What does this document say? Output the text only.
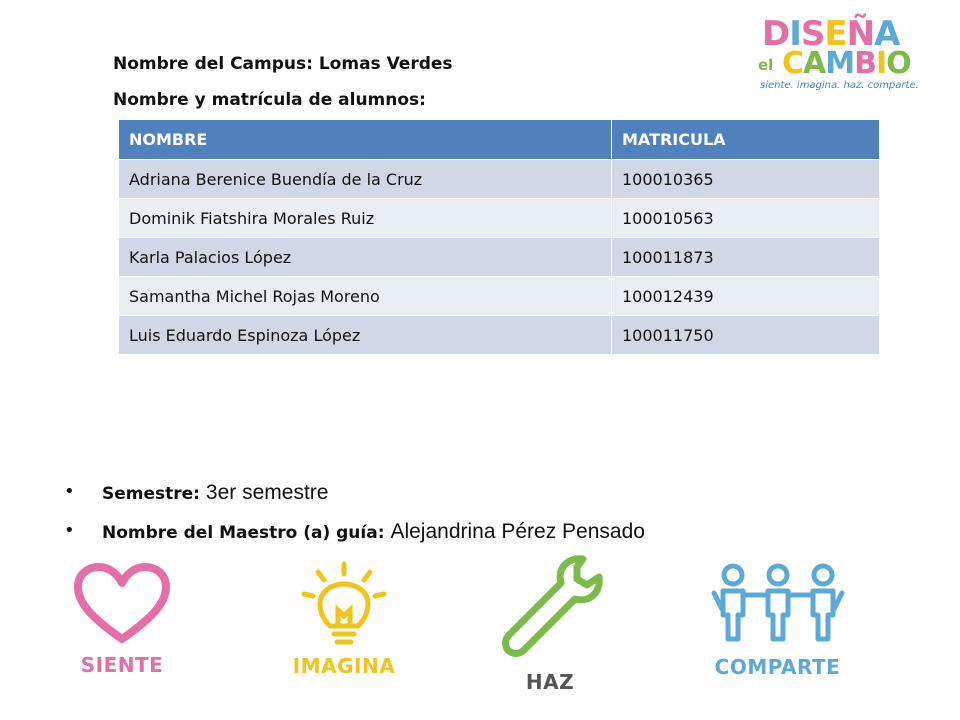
Nombre del Campus: Lomas Verdes
Nombre y matrícula de alumnos:
NOMBRE	MATRICULA
Adriana Berenice Buendía de la Cruz	100010365
Dominik Fiatshira Morales Ruiz	100010563
Karla Palacios López	100011873
Samantha Michel Rojas Moreno	100012439
Luis Eduardo Espinoza López	100011750
• Semestre: 3er semestre
• Nombre del Maestro (a) guía: Alejandrina Pérez Pensado
DISEÑA
el CAMBIO
siente. imagina. haz. comparte.
SIENTE	IMAGINA
HAZ
COMPARTE
